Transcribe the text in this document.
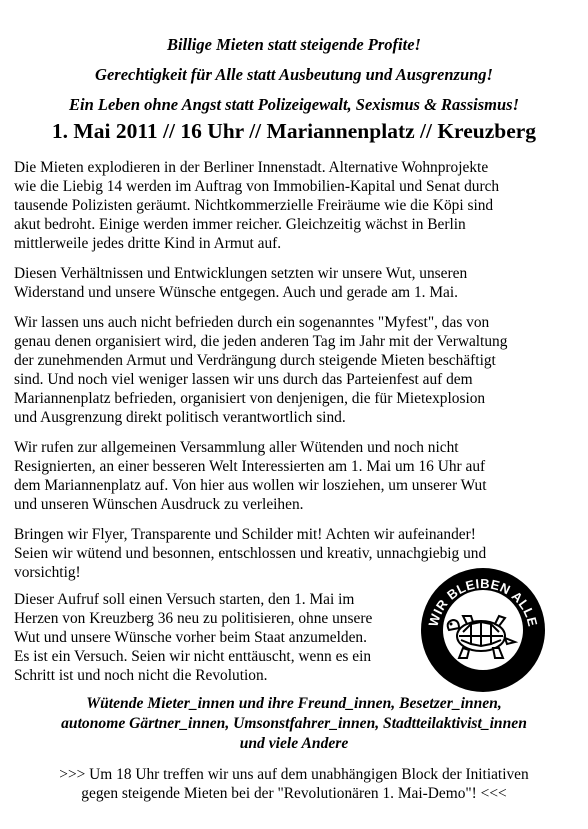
Billige Mieten statt steigende Profite!
Gerechtigkeit für Alle statt Ausbeutung und Ausgrenzung!
Ein Leben ohne Angst statt Polizeigewalt, Sexismus & Rassismus!
1. Mai 2011 // 16 Uhr // Mariannenplatz // Kreuzberg
Die Mieten explodieren in der Berliner Innenstadt. Alternative Wohnprojekte
wie die Liebig 14 werden im Auftrag von Immobilien-Kapital und Senat durch
tausende Polizisten geräumt. Nichtkommerzielle Freiräume wie die Köpi sind
akut bedroht. Einige werden immer reicher. Gleichzeitig wächst in Berlin
mittlerweile jedes dritte Kind in Armut auf.
Diesen Verhältnissen und Entwicklungen setzten wir unsere Wut, unseren
Widerstand und unsere Wünsche entgegen. Auch und gerade am 1. Mai.
Wir lassen uns auch nicht befrieden durch ein sogenanntes "Myfest", das von
genau denen organisiert wird, die jeden anderen Tag im Jahr mit der Verwaltung
der zunehmenden Armut und Verdrängung durch steigende Mieten beschäftigt
sind. Und noch viel weniger lassen wir uns durch das Parteienfest auf dem
Mariannenplatz befrieden, organisiert von denjenigen, die für Mietexplosion
und Ausgrenzung direkt politisch verantwortlich sind.
Wir rufen zur allgemeinen Versammlung aller Wütenden und noch nicht
Resignierten, an einer besseren Welt Interessierten am 1. Mai um 16 Uhr auf
dem Mariannenplatz auf. Von hier aus wollen wir losziehen, um unserer Wut
und unseren Wünschen Ausdruck zu verleihen.
Bringen wir Flyer, Transparente und Schilder mit! Achten wir aufeinander!
Seien wir wütend und besonnen, entschlossen und kreativ, unnachgiebig und
vorsichtig!
Dieser Aufruf soll einen Versuch starten, den 1. Mai im
Herzen von Kreuzberg 36 neu zu politisieren, ohne unsere
Wut und unsere Wünsche vorher beim Staat anzumelden.
Es ist ein Versuch. Seien wir nicht enttäuscht, wenn es ein
Schritt ist und noch nicht die Revolution.
WIR BLEIBEN ALLE
Wütende Mieter_innen und ihre Freund_innen, Besetzer_innen,
autonome Gärtner_innen, Umsonstfahrer_innen, Stadtteilaktivist_innen
und viele Andere
>>> Um 18 Uhr treffen wir uns auf dem unabhängigen Block der Initiativen
gegen steigende Mieten bei der "Revolutionären 1. Mai-Demo"! <<<
